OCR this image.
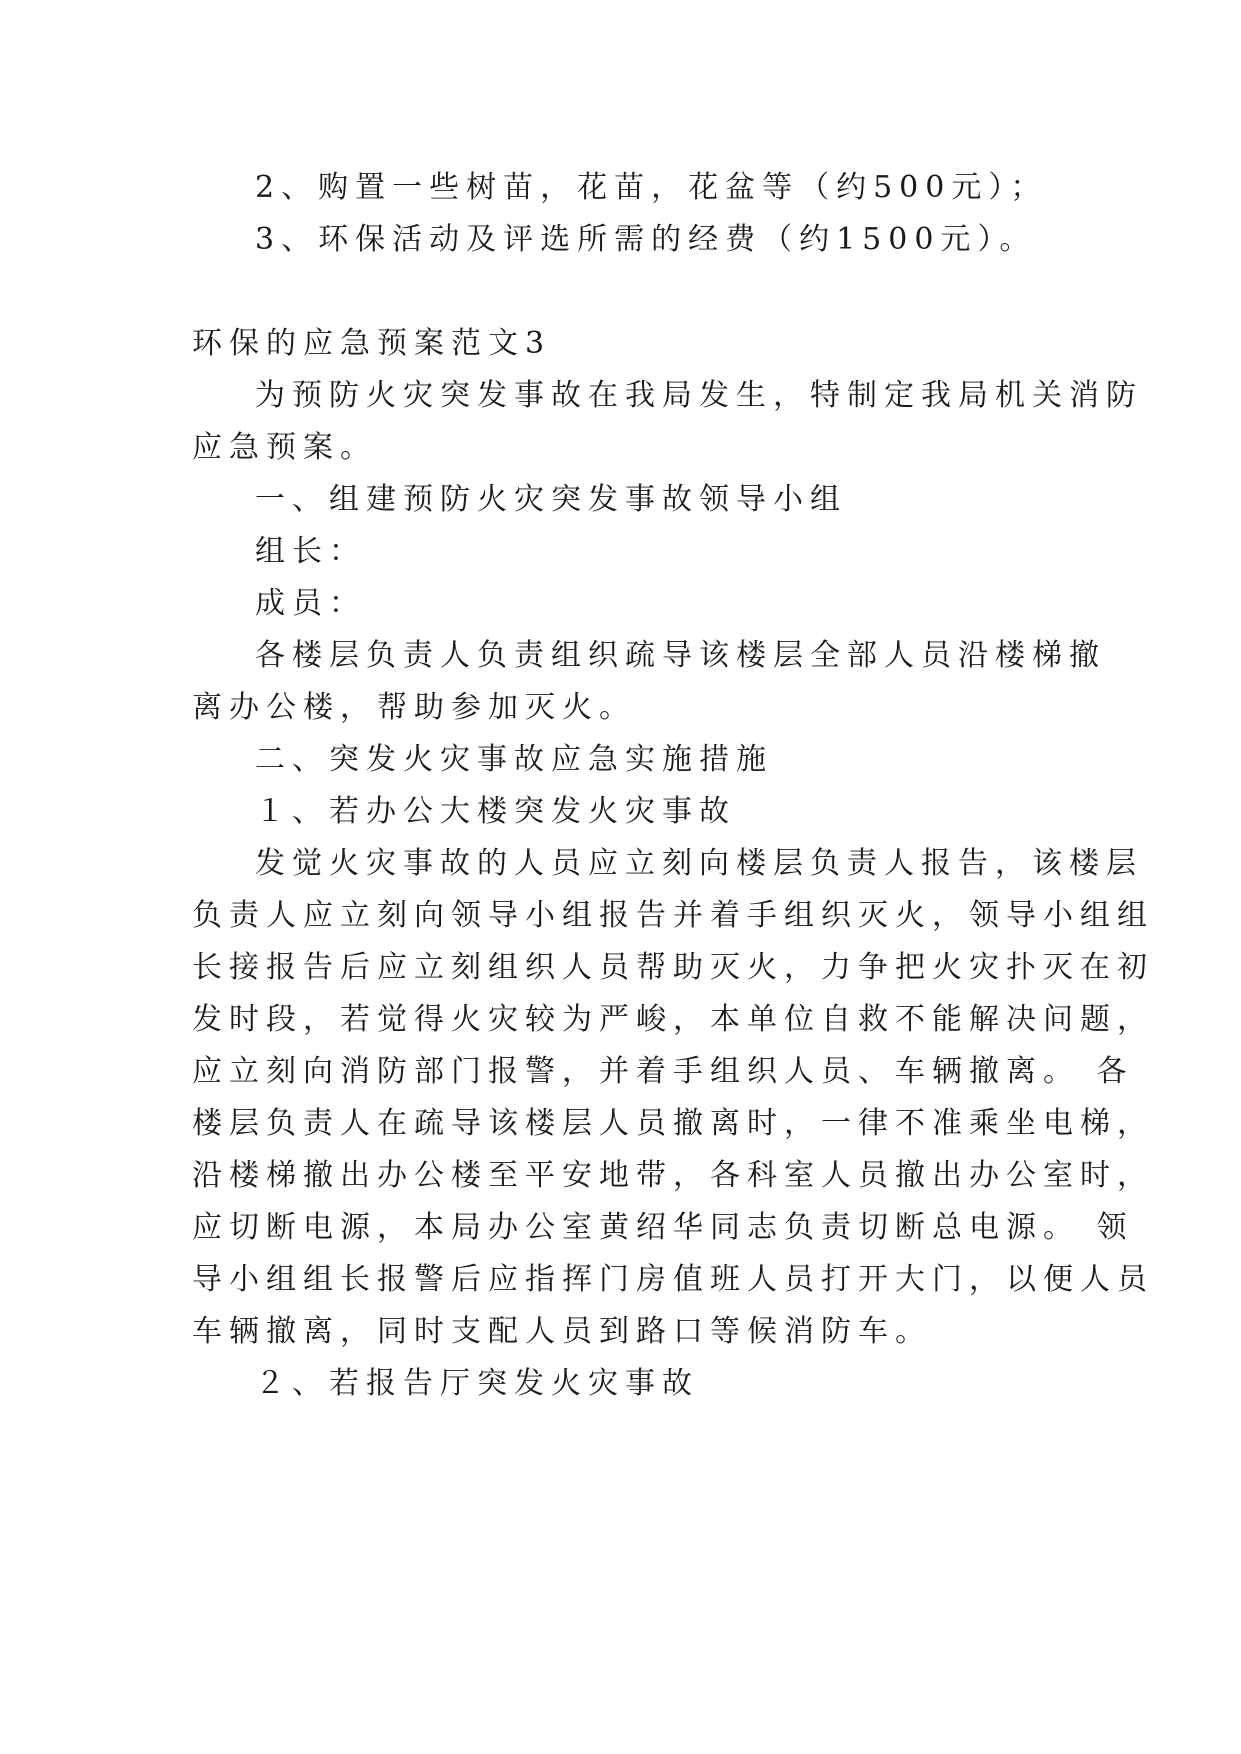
2、购置一些树苗，花苗，花盆等（约500元）；
3、环保活动及评选所需的经费（约1500元）。
环保的应急预案范文3
为预防火灾突发事故在我局发生，特制定我局机关消防
应急预案。
一、组建预防火灾突发事故领导小组
组长：
成员：
各楼层负责人负责组织疏导该楼层全部人员沿楼梯撤
离办公楼，帮助参加灭火。
二、突发火灾事故应急实施措施
１、若办公大楼突发火灾事故
发觉火灾事故的人员应立刻向楼层负责人报告，该楼层
负责人应立刻向领导小组报告并着手组织灭火，领导小组组
长接报告后应立刻组织人员帮助灭火，力争把火灾扑灭在初
发时段，若觉得火灾较为严峻，本单位自救不能解决问题，
应立刻向消防部门报警，并着手组织人员、车辆撤离。 各
楼层负责人在疏导该楼层人员撤离时，一律不准乘坐电梯，
沿楼梯撤出办公楼至平安地带，各科室人员撤出办公室时，
应切断电源，本局办公室黄绍华同志负责切断总电源。 领
导小组组长报警后应指挥门房值班人员打开大门，以便人员
车辆撤离，同时支配人员到路口等候消防车。
２、若报告厅突发火灾事故
